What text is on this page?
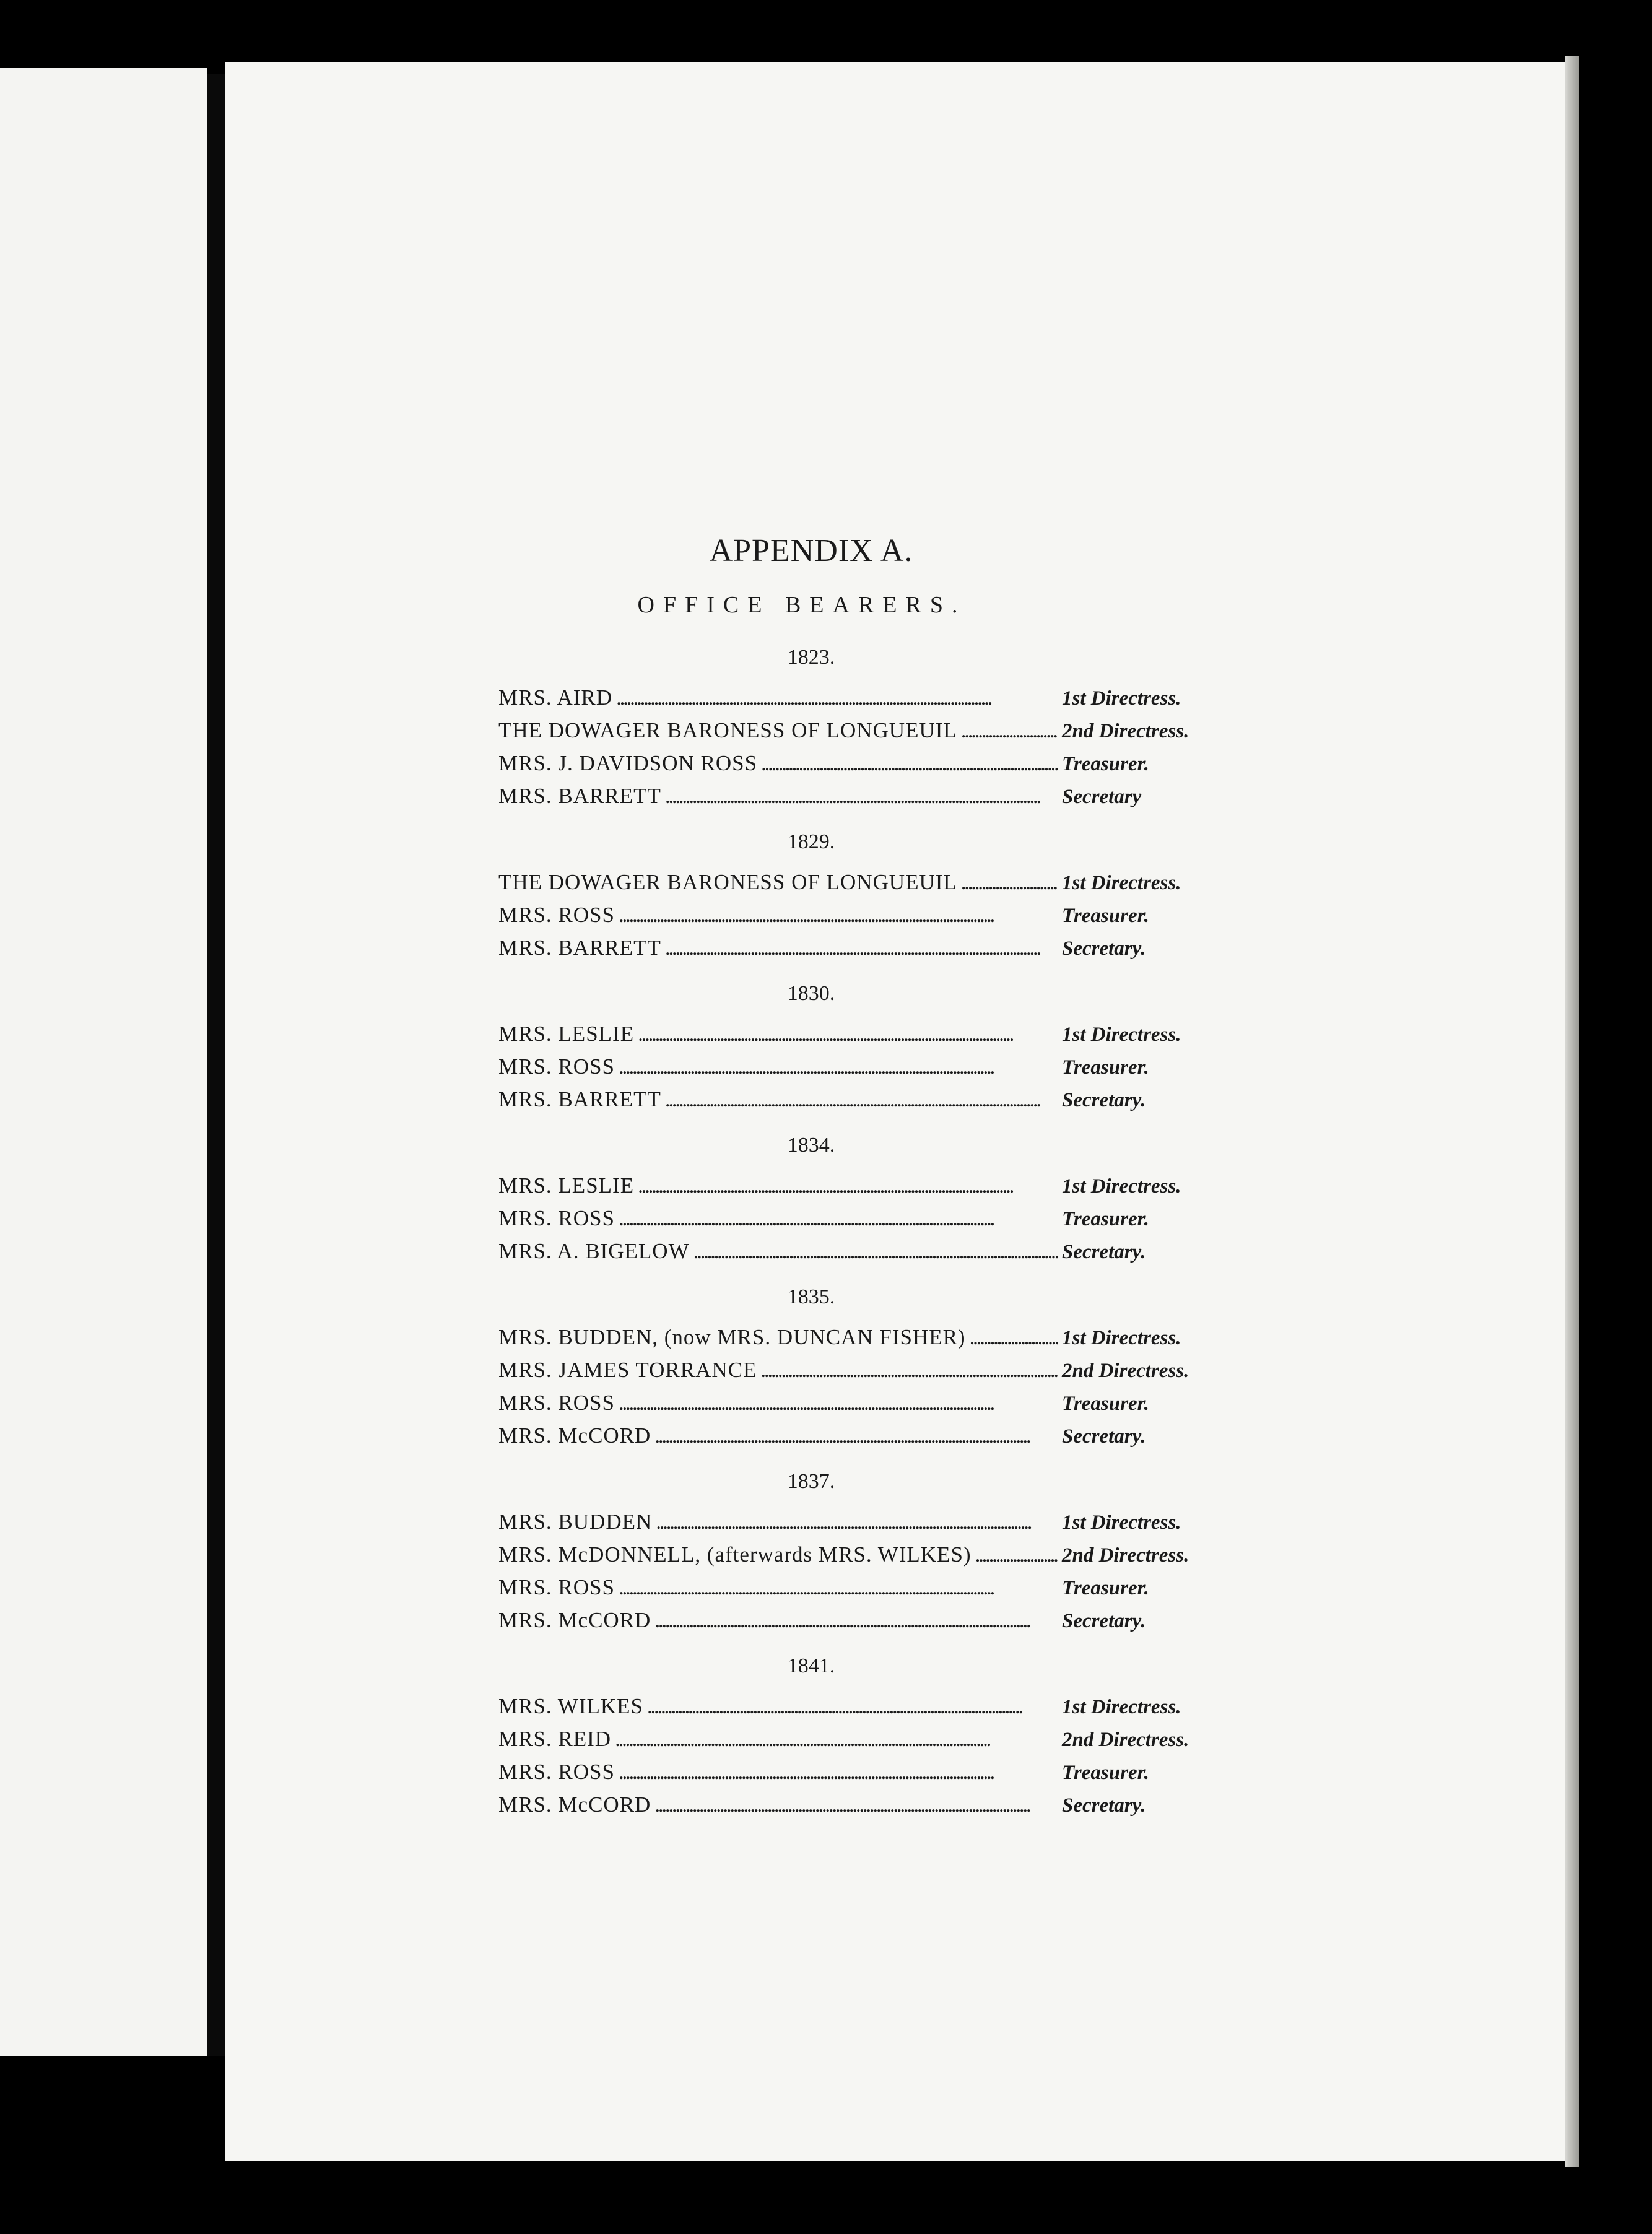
APPENDIX A.
OFFICE BEARERS.
1823.
MRS. AIRD . . .	1st Directress.
THE DOWAGER BARONESS OF LONGUEUIL . . .	2nd Directress.
MRS. J. DAVIDSON ROSS . . .	Treasurer.
MRS. BARRETT . . .	Secretary
1829.
THE DOWAGER BARONESS OF LONGUEUIL . . .	1st Directress.
MRS. ROSS . . .	Treasurer.
MRS. BARRETT . . .	Secretary.
1830.
MRS. LESLIE . . .	1st Directress.
MRS. ROSS . . .	Treasurer.
MRS. BARRETT . . .	Secretary.
1834.
MRS. LESLIE . . .	1st Directress.
MRS. ROSS . . .	Treasurer.
MRS. A. BIGELOW . . .	Secretary.
1835.
MRS. BUDDEN, (now MRS. DUNCAN FISHER) . . .	1st Directress.
MRS. JAMES TORRANCE . . .	2nd Directress.
MRS. ROSS . . .	Treasurer.
MRS. McCORD . . .	Secretary.
1837.
MRS. BUDDEN . . .	1st Directress.
MRS. McDONNELL, (afterwards MRS. WILKES) . . .	2nd Directress.
MRS. ROSS . . .	Treasurer.
MRS. McCORD . . .	Secretary.
1841.
MRS. WILKES . . .	1st Directress.
MRS. REID . . .	2nd Directress.
MRS. ROSS . . .	Treasurer.
MRS. McCORD . . .	Secretary.
